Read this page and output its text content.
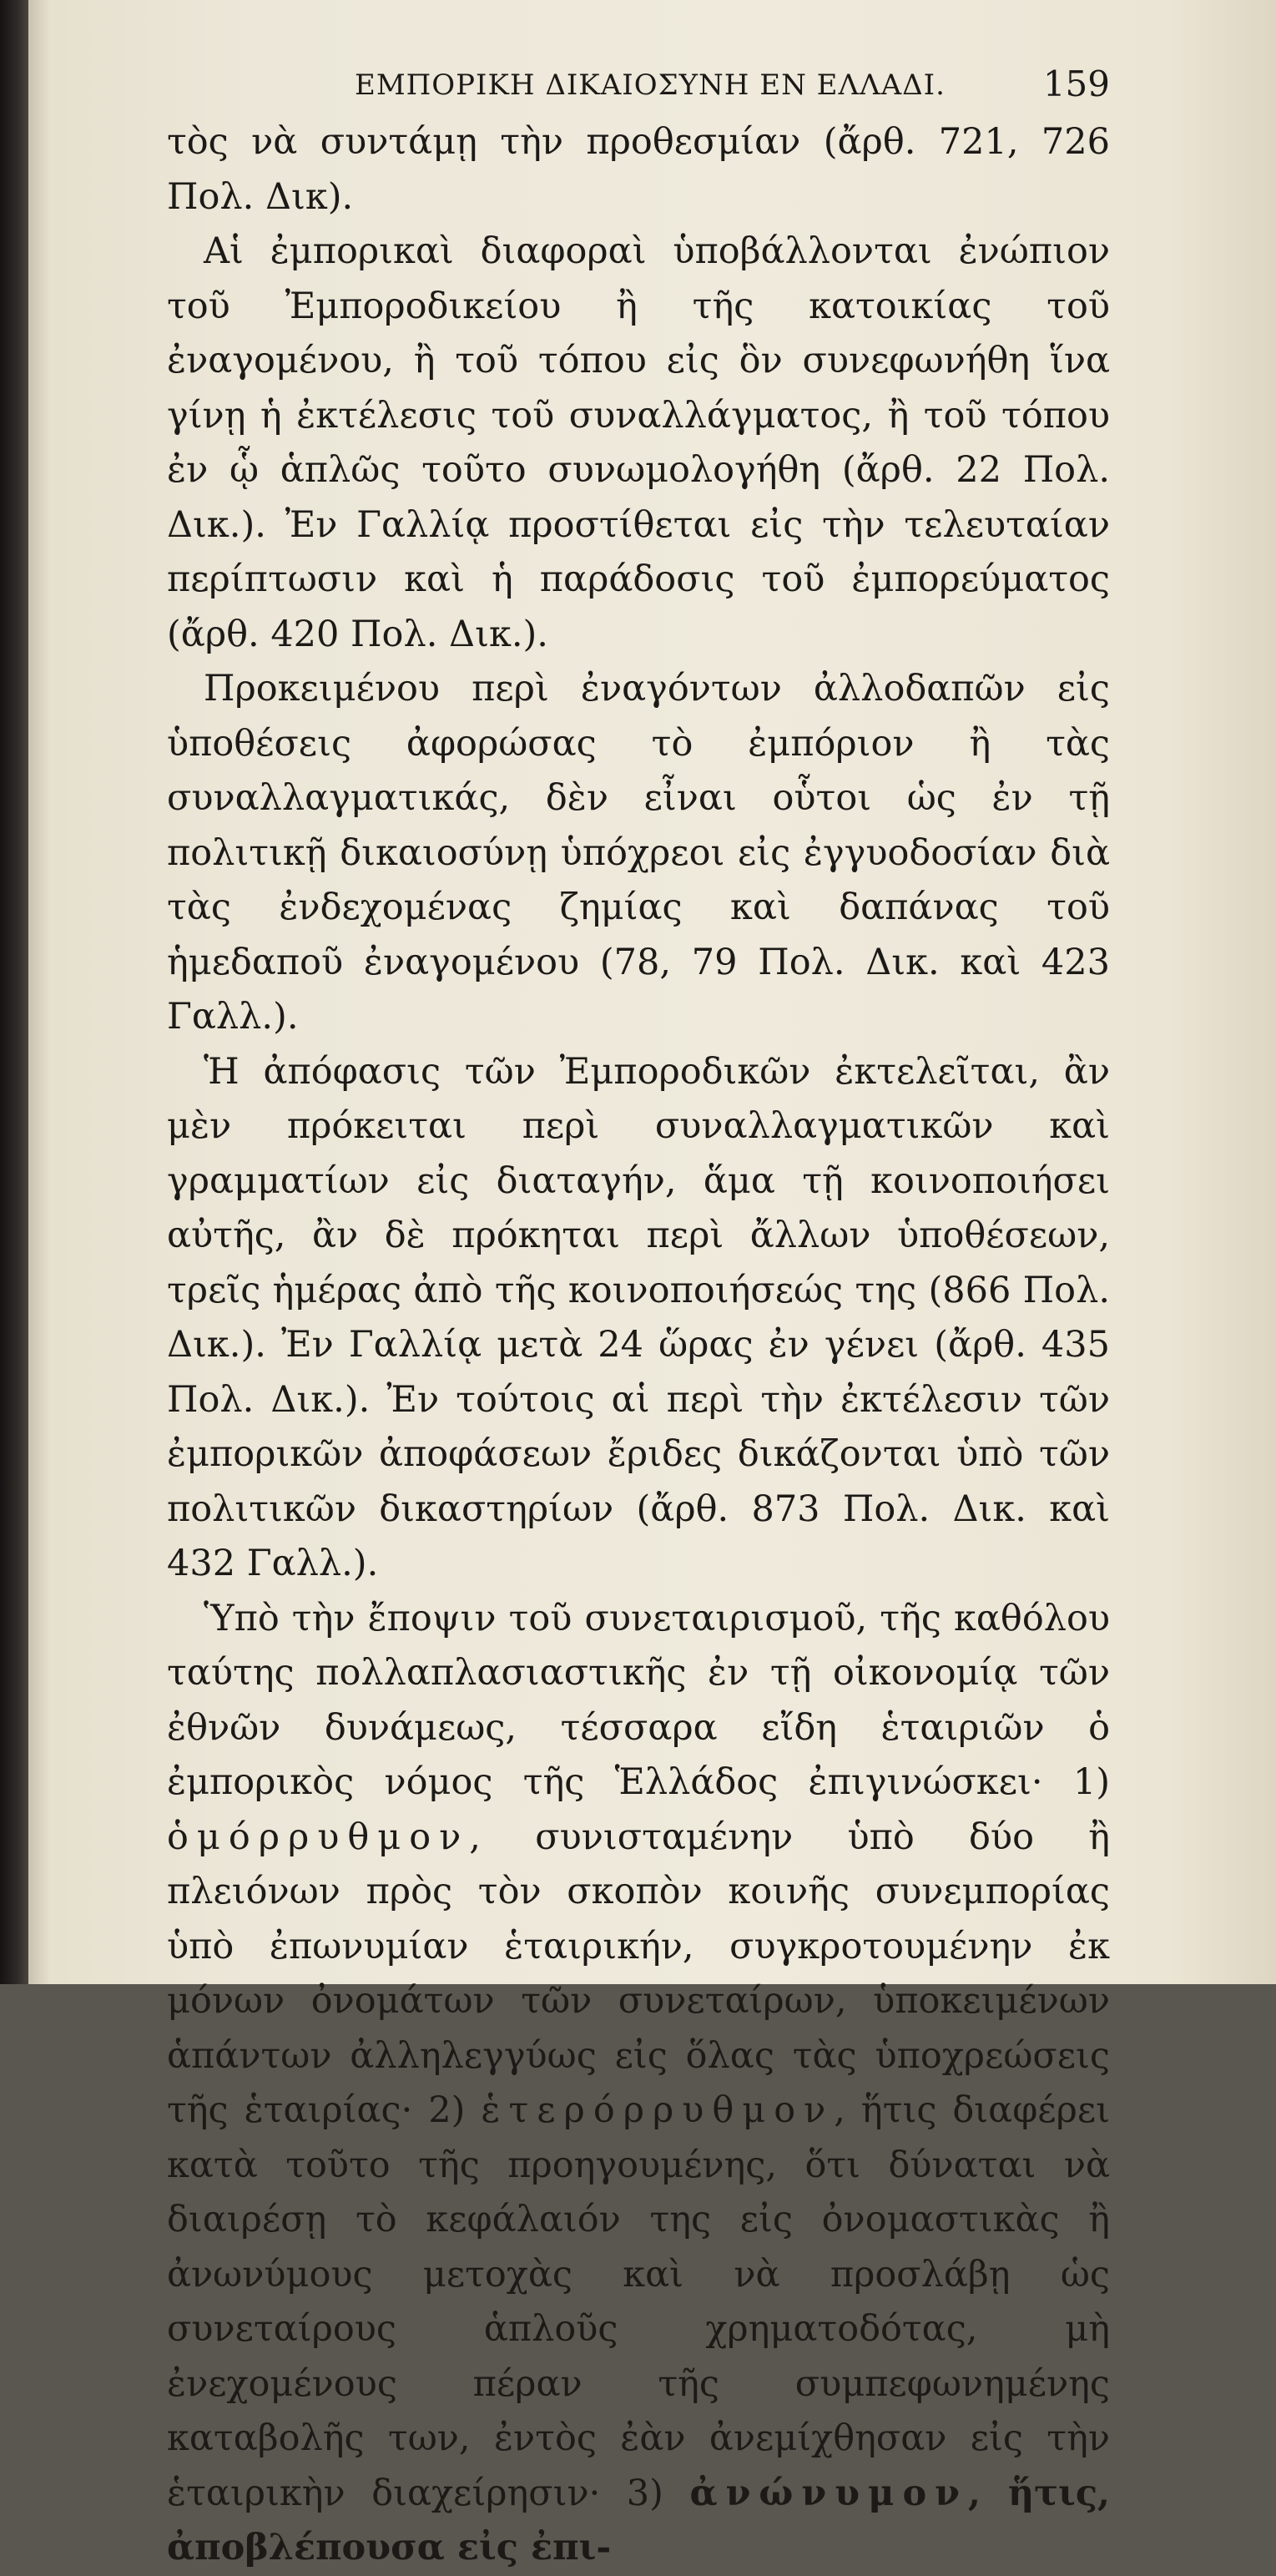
ΕΜΠΟΡΙΚΗ ΔΙΚΑΙΟΣΥΝΗ ΕΝ ΕΛΛΑΔΙ.	159

τὸς νὰ συντάμῃ τὴν προθεσμίαν (ἄρθ. 721, 726 Πολ. Δικ).

Αἱ ἐμπορικαὶ διαφοραὶ ὑποβάλλονται ἐνώπιον τοῦ Ἐμποροδικείου ἢ τῆς κατοικίας τοῦ ἐναγομένου, ἢ τοῦ τόπου εἰς ὃν συνεφωνήθη ἵνα γίνῃ ἡ ἐκτέλεσις τοῦ συναλλάγματος, ἢ τοῦ τόπου ἐν ᾧ ἁπλῶς τοῦτο συνωμολογήθη (ἄρθ. 22 Πολ. Δικ.). Ἐν Γαλλίᾳ προστίθεται εἰς τὴν τελευταίαν περίπτωσιν καὶ ἡ παράδοσις τοῦ ἐμπορεύματος (ἄρθ. 420 Πολ. Δικ.).

Προκειμένου περὶ ἐναγόντων ἀλλοδαπῶν εἰς ὑποθέσεις ἀφορώσας τὸ ἐμπόριον ἢ τὰς συναλλαγματικάς, δὲν εἶναι οὗτοι ὡς ἐν τῇ πολιτικῇ δικαιοσύνῃ ὑπόχρεοι εἰς ἐγγυοδοσίαν διὰ τὰς ἐνδεχομένας ζημίας καὶ δαπάνας τοῦ ἡμεδαποῦ ἐναγομένου (78, 79 Πολ. Δικ. καὶ 423 Γαλλ.).

Ἡ ἀπόφασις τῶν Ἐμποροδικῶν ἐκτελεῖται, ἂν μὲν πρόκειται περὶ συναλλαγματικῶν καὶ γραμματίων εἰς διαταγήν, ἅμα τῇ κοινοποιήσει αὐτῆς, ἂν δὲ πρόκηται περὶ ἄλλων ὑποθέσεων, τρεῖς ἡμέρας ἀπὸ τῆς κοινοποιήσεώς της (866 Πολ. Δικ.). Ἐν Γαλλίᾳ μετὰ 24 ὥρας ἐν γένει (ἄρθ. 435 Πολ. Δικ.). Ἐν τούτοις αἱ περὶ τὴν ἐκτέλεσιν τῶν ἐμπορικῶν ἀποφάσεων ἔριδες δικάζονται ὑπὸ τῶν πολιτικῶν δικαστηρίων (ἄρθ. 873 Πολ. Δικ. καὶ 432 Γαλλ.).

Ὑπὸ τὴν ἔποψιν τοῦ συνεταιρισμοῦ, τῆς καθόλου ταύτης πολλαπλασιαστικῆς ἐν τῇ οἰκονομίᾳ τῶν ἐθνῶν δυνάμεως, τέσσαρα εἴδη ἑταιριῶν ὁ ἐμπορικὸς νόμος τῆς Ἑλλάδος ἐπιγινώσκει· 1) ὁμόρρυθμον, συνισταμένην ὑπὸ δύο ἢ πλειόνων πρὸς τὸν σκοπὸν κοινῆς συνεμπορίας ὑπὸ ἐπωνυμίαν ἑταιρικήν, συγκροτουμένην ἐκ μόνων ὀνομάτων τῶν συνεταίρων, ὑποκειμένων ἁπάντων ἀλληλεγγύως εἰς ὅλας τὰς ὑποχρεώσεις τῆς ἑταιρίας· 2) ἑτερόρρυθμον, ἥτις διαφέρει κατὰ τοῦτο τῆς προηγουμένης, ὅτι δύναται νὰ διαιρέσῃ τὸ κεφάλαιόν της εἰς ὀνομαστικὰς ἢ ἀνωνύμους μετοχὰς καὶ νὰ προσλάβῃ ὡς συνεταίρους ἁπλοῦς χρηματοδότας, μὴ ἐνεχομένους πέραν τῆς συμπεφωνημένης καταβολῆς των, ἐντὸς ἐὰν ἀνεμίχθησαν εἰς τὴν ἑταιρικὴν διαχείρησιν· 3) ἀνώνυμον, ἥτις, ἀποβλέπουσα εἰς ἐπι-
